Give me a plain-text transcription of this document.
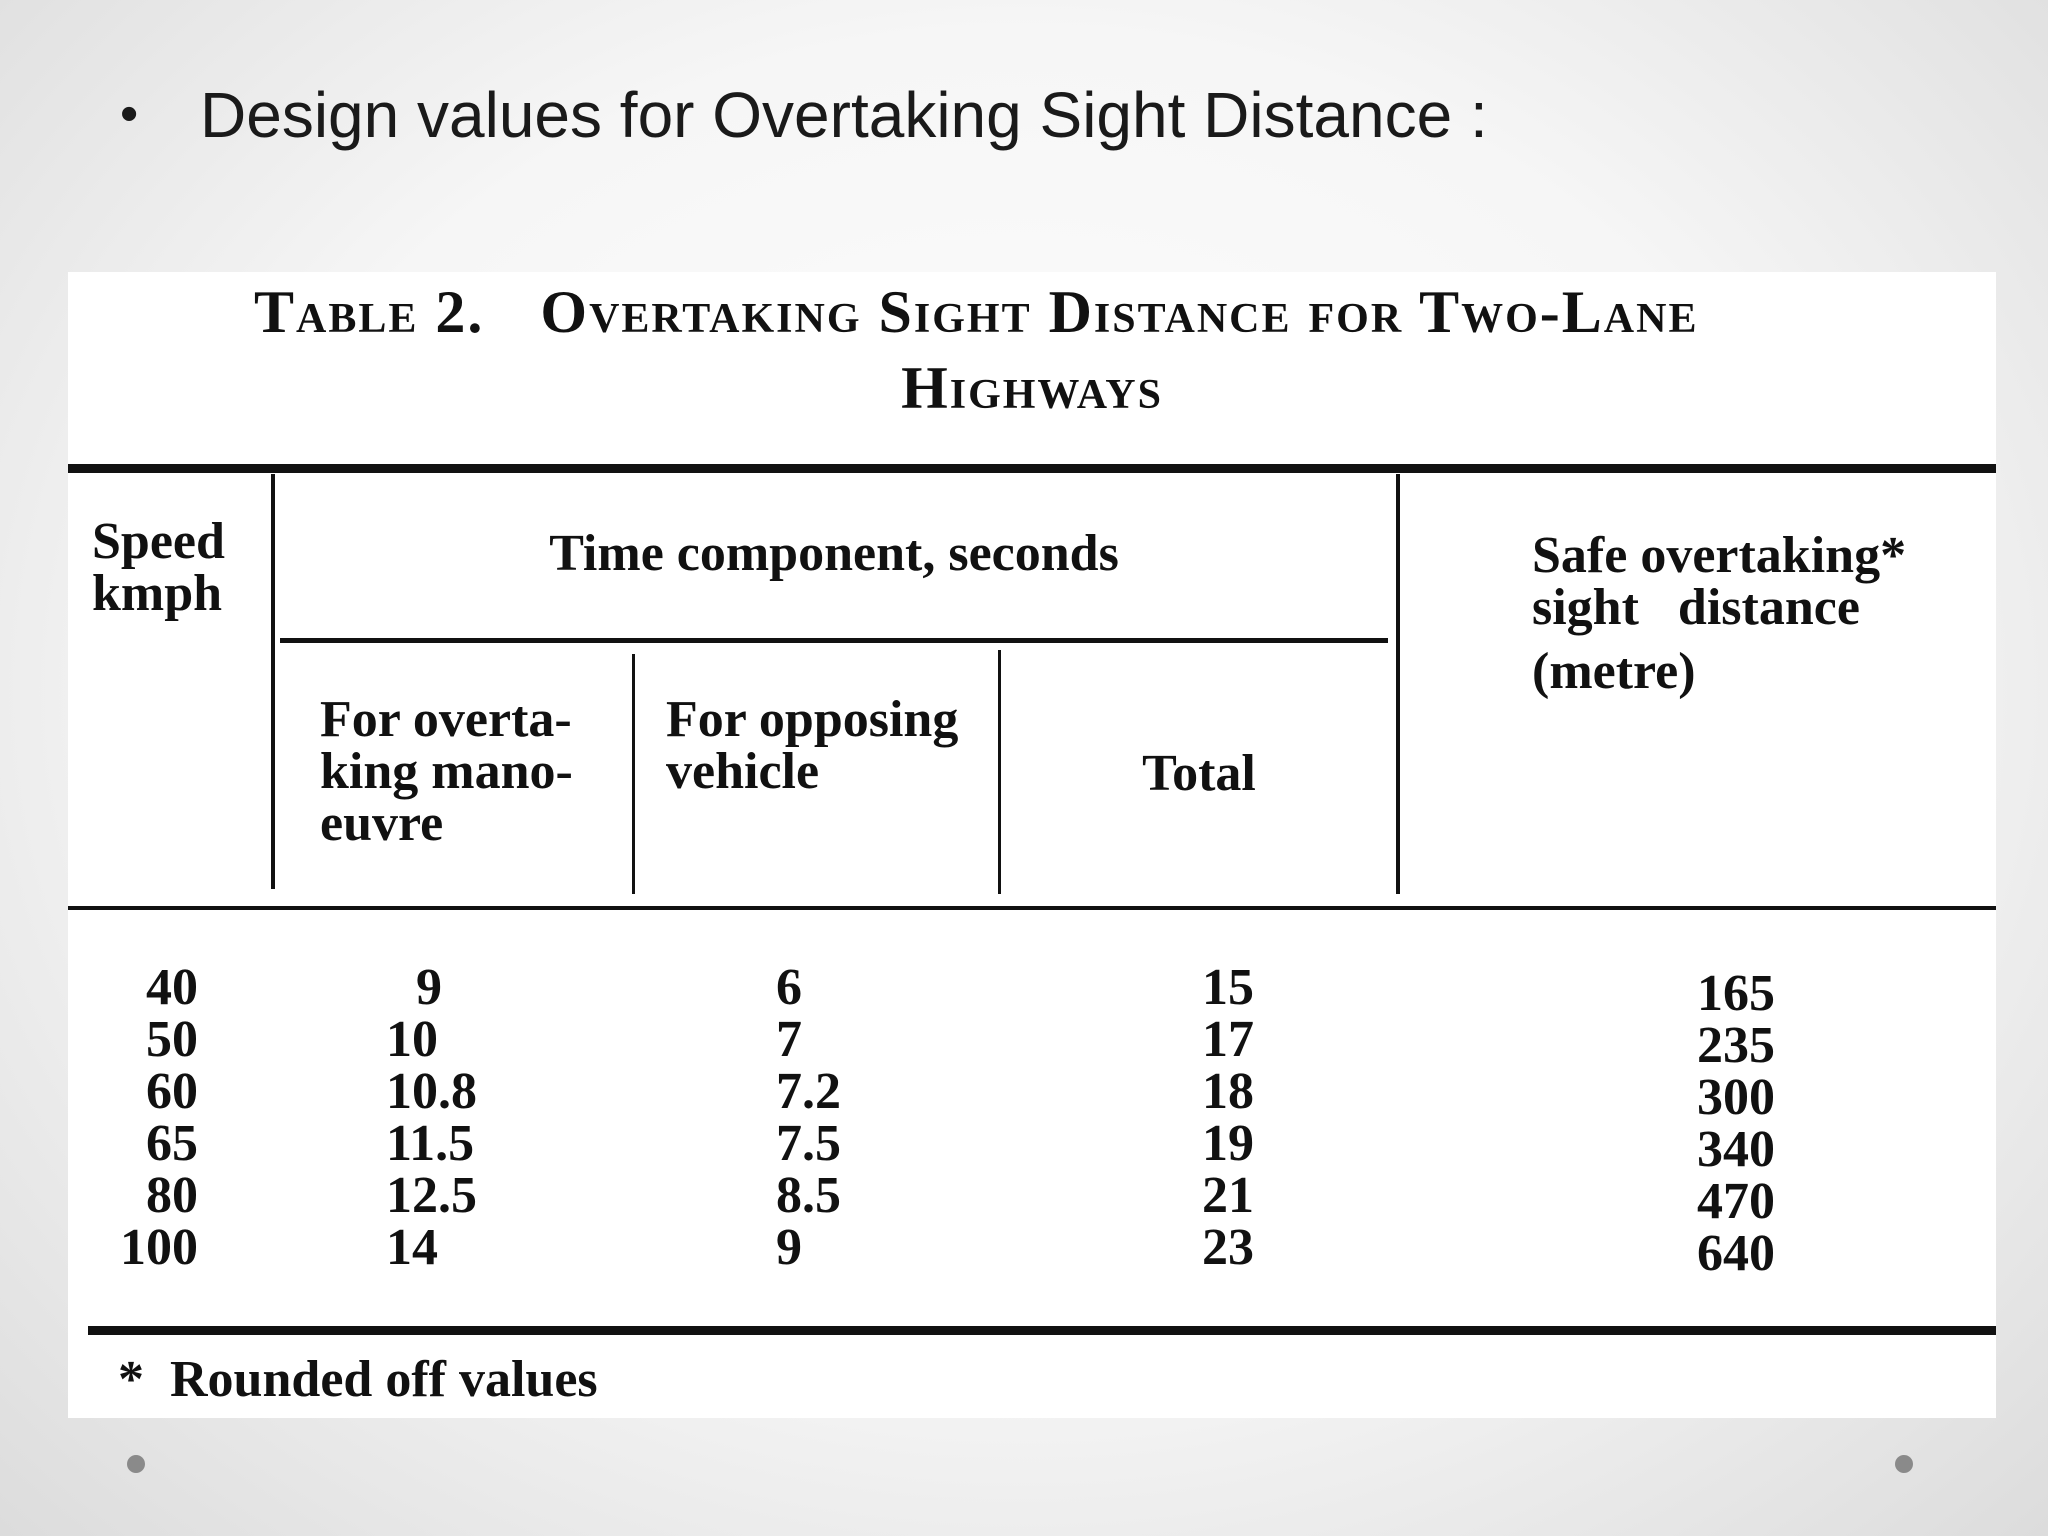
• Design values for Overtaking Sight Distance :
Table 2. Overtaking Sight Distance for Two-Lane
Highways
Speed
kmph
Time component, seconds
For overta-
king mano-
euvre
For opposing
vehicle	Total
Safe overtaking*
sight   distance
(metre)
40
50
60
65
80
100
9
10
10.8
11.5
12.5
14
6
7
7.2
7.5
8.5
9
15
17
18
19
21
23
165
235
300
340
470
640
*  Rounded off values
